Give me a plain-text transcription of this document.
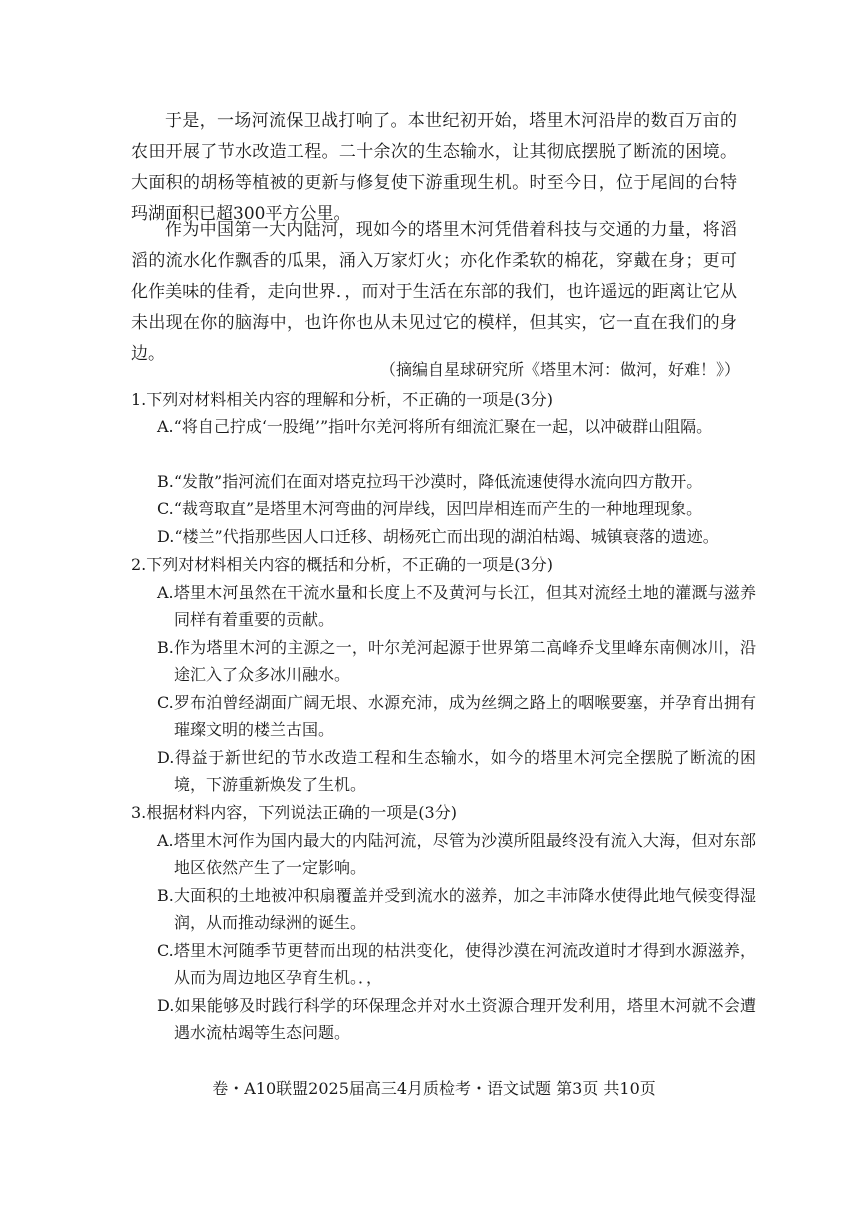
于是，一场河流保卫战打响了。本世纪初开始，塔里木河沿岸的数百万亩的农田开展了节水改造工程。二十余次的生态输水，让其彻底摆脱了断流的困境。大面积的胡杨等植被的更新与修复使下游重现生机。时至今日，位于尾闾的台特玛湖面积已超300平方公里。

作为中国第一大内陆河，现如今的塔里木河凭借着科技与交通的力量，将滔滔的流水化作飘香的瓜果，涌入万家灯火；亦化作柔软的棉花，穿戴在身；更可化作美味的佳肴，走向世界．，而对于生活在东部的我们，也许遥远的距离让它从未出现在你的脑海中，也许你也从未见过它的模样，但其实，它一直在我们的身边。

（摘编自星球研究所《塔里木河：做河，好难！》）
1.下列对材料相关内容的理解和分析，不正确的一项是(3分)
A.“将自己拧成‘一股绳’”指叶尔羌河将所有细流汇聚在一起，以冲破群山阻隔。
B.“发散”指河流们在面对塔克拉玛干沙漠时，降低流速使得水流向四方散开。
C.“裁弯取直”是塔里木河弯曲的河岸线，因凹岸相连而产生的一种地理现象。
D.“楼兰”代指那些因人口迁移、胡杨死亡而出现的湖泊枯竭、城镇衰落的遗迹。
2.下列对材料相关内容的概括和分析，不正确的一项是(3分)
A.塔里木河虽然在干流水量和长度上不及黄河与长江，但其对流经土地的灌溉与滋养同样有着重要的贡献。
B.作为塔里木河的主源之一，叶尔羌河起源于世界第二高峰乔戈里峰东南侧冰川，沿途汇入了众多冰川融水。
C.罗布泊曾经湖面广阔无垠、水源充沛，成为丝绸之路上的咽喉要塞，并孕育出拥有璀璨文明的楼兰古国。
D.得益于新世纪的节水改造工程和生态输水，如今的塔里木河完全摆脱了断流的困境，下游重新焕发了生机。
3.根据材料内容，下列说法正确的一项是(3分)
A.塔里木河作为国内最大的内陆河流，尽管为沙漠所阻最终没有流入大海，但对东部地区依然产生了一定影响。
B.大面积的土地被冲积扇覆盖并受到流水的滋养，加之丰沛降水使得此地气候变得湿润，从而推动绿洲的诞生。
C.塔里木河随季节更替而出现的枯洪变化，使得沙漠在河流改道时才得到水源滋养，从而为周边地区孕育生机。．，
D.如果能够及时践行科学的环保理念并对水土资源合理开发利用，塔里木河就不会遭遇水流枯竭等生态问题。
卷・A10联盟2025届高三4月质检考・语文试题 第3页 共10页
